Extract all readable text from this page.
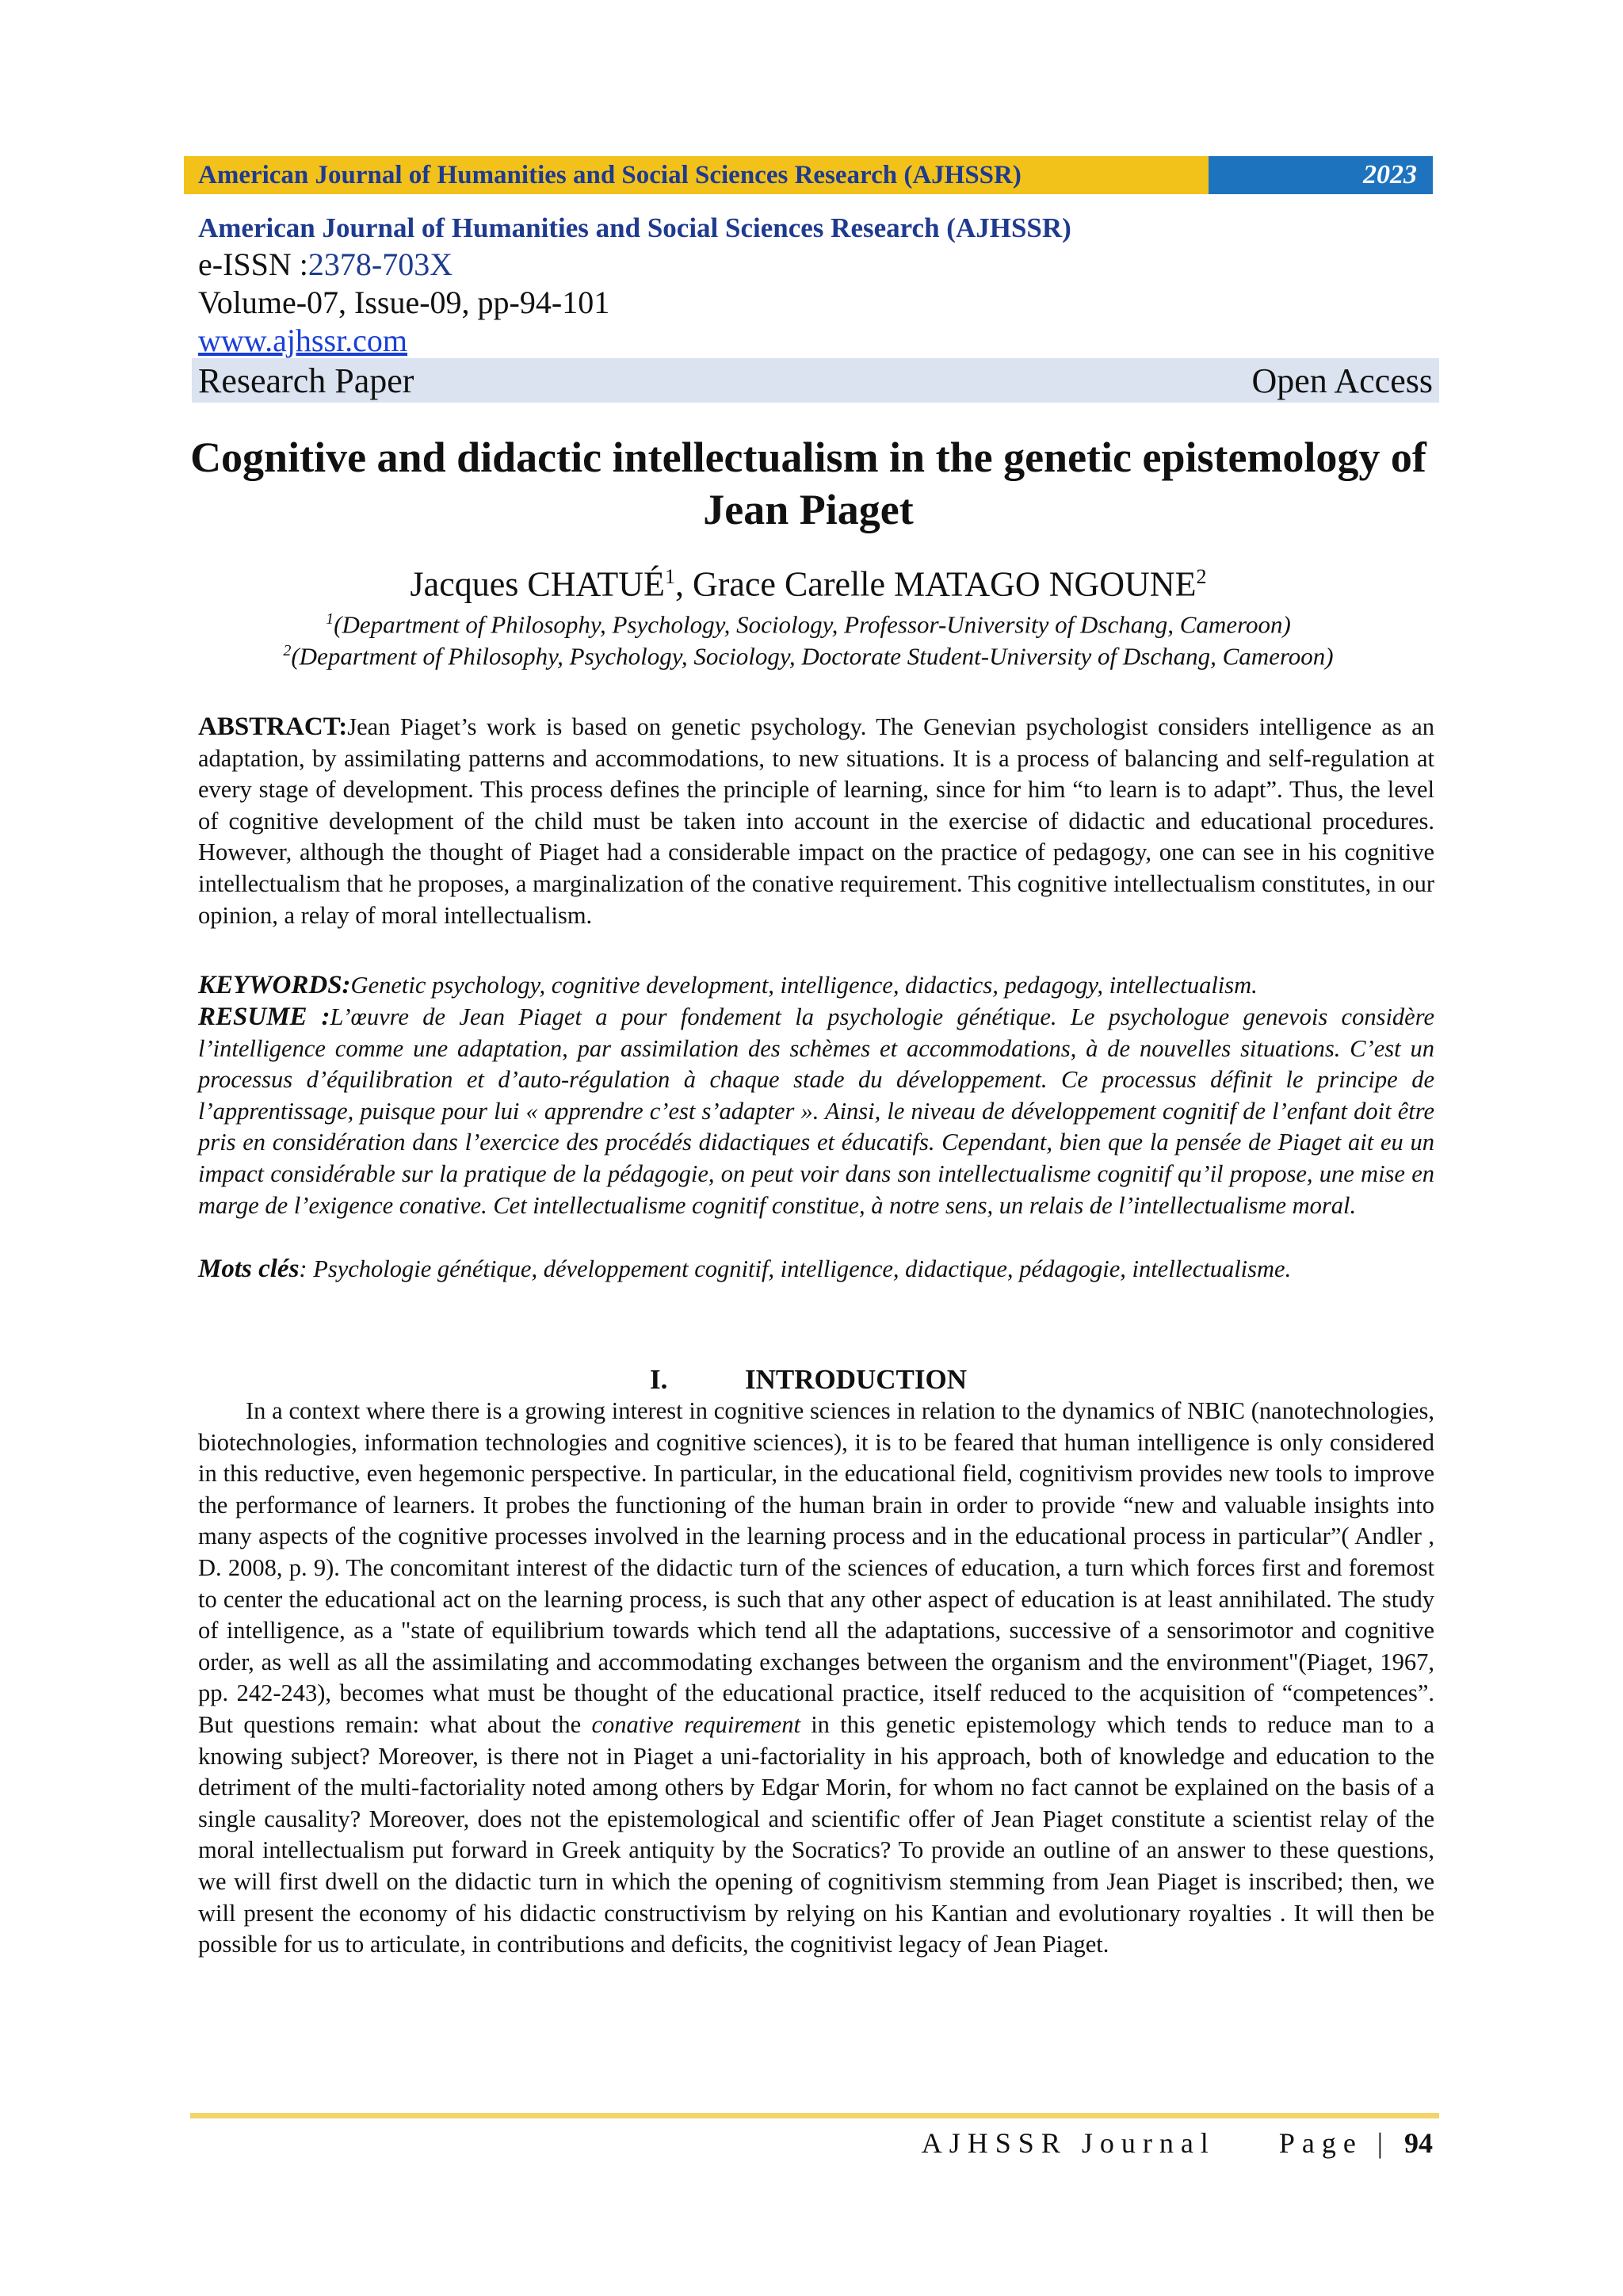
American Journal of Humanities and Social Sciences Research (AJHSSR)	2023
American Journal of Humanities and Social Sciences Research (AJHSSR)
e-ISSN :2378-703X
Volume-07, Issue-09, pp-94-101
www.ajhssr.com
Research Paper	Open Access
Cognitive and didactic intellectualism in the genetic epistemology of Jean Piaget
Jacques CHATUÉ$^1$, Grace Carelle MATAGO NGOUNE$^2$
$^1$(Department of Philosophy, Psychology, Sociology, Professor-University of Dschang, Cameroon)
$^2$(Department of Philosophy, Psychology, Sociology, Doctorate Student-University of Dschang, Cameroon)
ABSTRACT:Jean Piaget’s work is based on genetic psychology. The Genevian psychologist considers intelligence as an adaptation, by assimilating patterns and accommodations, to new situations. It is a process of balancing and self-regulation at every stage of development. This process defines the principle of learning, since for him “to learn is to adapt”. Thus, the level of cognitive development of the child must be taken into account in the exercise of didactic and educational procedures. However, although the thought of Piaget had a considerable impact on the practice of pedagogy, one can see in his cognitive intellectualism that he proposes, a marginalization of the conative requirement. This cognitive intellectualism constitutes, in our opinion, a relay of moral intellectualism.
KEYWORDS:Genetic psychology, cognitive development, intelligence, didactics, pedagogy, intellectualism.
RESUME :L’œuvre de Jean Piaget a pour fondement la psychologie génétique. Le psychologue genevois considère l’intelligence comme une adaptation, par assimilation des schèmes et accommodations, à de nouvelles situations. C’est un processus d’équilibration et d’auto-régulation à chaque stade du développement. Ce processus définit le principe de l’apprentissage, puisque pour lui « apprendre c’est s’adapter ». Ainsi, le niveau de développement cognitif de l’enfant doit être pris en considération dans l’exercice des procédés didactiques et éducatifs. Cependant, bien que la pensée de Piaget ait eu un impact considérable sur la pratique de la pédagogie, on peut voir dans son intellectualisme cognitif qu’il propose, une mise en marge de l’exigence conative. Cet intellectualisme cognitif constitue, à notre sens, un relais de l’intellectualisme moral.
Mots clés: Psychologie génétique, développement cognitif, intelligence, didactique, pédagogie, intellectualisme.
I.	INTRODUCTION
In a context where there is a growing interest in cognitive sciences in relation to the dynamics of NBIC (nanotechnologies, biotechnologies, information technologies and cognitive sciences), it is to be feared that human intelligence is only considered in this reductive, even hegemonic perspective. In particular, in the educational field, cognitivism provides new tools to improve the performance of learners. It probes the functioning of the human brain in order to provide “new and valuable insights into many aspects of the cognitive processes involved in the learning process and in the educational process in particular”( Andler , D. 2008, p. 9). The concomitant interest of the didactic turn of the sciences of education, a turn which forces first and foremost to center the educational act on the learning process, is such that any other aspect of education is at least annihilated. The study of intelligence, as a "state of equilibrium towards which tend all the adaptations, successive of a sensorimotor and cognitive order, as well as all the assimilating and accommodating exchanges between the organism and the environment"(Piaget, 1967, pp. 242-243), becomes what must be thought of the educational practice, itself reduced to the acquisition of “competences”. But questions remain: what about the conative requirement in this genetic epistemology which tends to reduce man to a knowing subject? Moreover, is there not in Piaget a uni-factoriality in his approach, both of knowledge and education to the detriment of the multi-factoriality noted among others by Edgar Morin, for whom no fact cannot be explained on the basis of a single causality? Moreover, does not the epistemological and scientific offer of Jean Piaget constitute a scientist relay of the moral intellectualism put forward in Greek antiquity by the Socratics? To provide an outline of an answer to these questions, we will first dwell on the didactic turn in which the opening of cognitivism stemming from Jean Piaget is inscribed; then, we will present the economy of his didactic constructivism by relying on his Kantian and evolutionary royalties . It will then be possible for us to articulate, in contributions and deficits, the cognitivist legacy of Jean Piaget.
AJHSSR Journal Page | 94
